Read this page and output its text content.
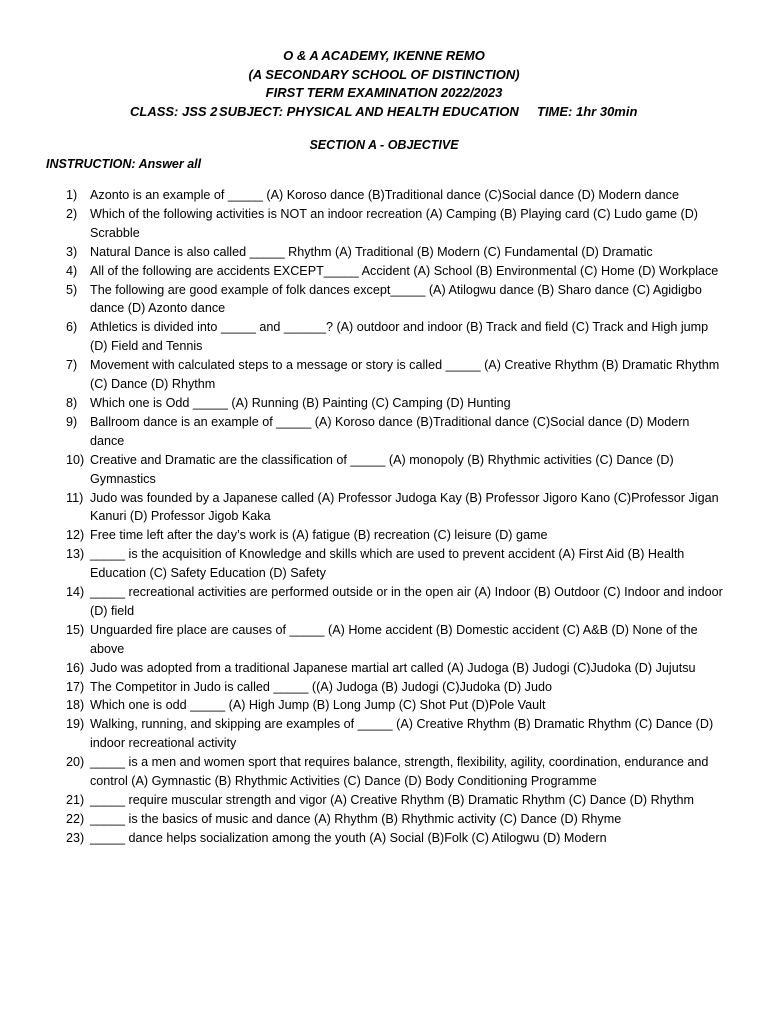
O & A ACADEMY, IKENNE REMO
(A SECONDARY SCHOOL OF DISTINCTION)
FIRST TERM EXAMINATION 2022/2023
CLASS: JSS 2 SUBJECT: PHYSICAL AND HEALTH EDUCATION TIME: 1hr 30min
SECTION A - OBJECTIVE
INSTRUCTION: Answer all
1)	Azonto is an example of _____ (A) Koroso dance (B)Traditional dance (C)Social dance (D) Modern dance
2)	Which of the following activities is NOT an indoor recreation (A) Camping (B) Playing card (C) Ludo game (D) Scrabble
3)	Natural Dance is also called _____ Rhythm (A) Traditional (B) Modern (C) Fundamental (D) Dramatic
4)	All of the following are accidents EXCEPT_____ Accident (A) School (B) Environmental (C) Home (D) Workplace
5)	The following are good example of folk dances except_____ (A) Atilogwu dance (B) Sharo dance (C) Agidigbo dance (D) Azonto dance
6)	Athletics is divided into _____ and ______? (A) outdoor and indoor (B) Track and field (C) Track and High jump (D) Field and Tennis
7)	Movement with calculated steps to a message or story is called _____ (A) Creative Rhythm (B) Dramatic Rhythm (C) Dance (D) Rhythm
8)	Which one is Odd _____ (A) Running (B) Painting (C) Camping (D) Hunting
9)	Ballroom dance is an example of _____ (A) Koroso dance (B)Traditional dance (C)Social dance (D) Modern dance
10) Creative and Dramatic are the classification of _____ (A) monopoly (B) Rhythmic activities (C) Dance (D) Gymnastics
11) Judo was founded by a Japanese called (A) Professor Judoga Kay (B) Professor Jigoro Kano (C)Professor Jigan Kanuri (D) Professor Jigob Kaka
12) Free time left after the day’s work is (A) fatigue (B) recreation (C) leisure (D) game
13) _____ is the acquisition of Knowledge and skills which are used to prevent accident (A) First Aid (B) Health Education (C) Safety Education (D) Safety
14) _____ recreational activities are performed outside or in the open air (A) Indoor (B) Outdoor (C) Indoor and indoor (D) field
15) Unguarded fire place are causes of _____ (A) Home accident (B) Domestic accident (C) A&B (D) None of the above
16) Judo was adopted from a traditional Japanese martial art called (A) Judoga (B) Judogi (C)Judoka (D) Jujutsu
17) The Competitor in Judo is called _____ ((A) Judoga (B) Judogi (C)Judoka (D) Judo
18) Which one is odd _____ (A) High Jump (B) Long Jump (C) Shot Put (D)Pole Vault
19) Walking, running, and skipping are examples of _____ (A) Creative Rhythm (B) Dramatic Rhythm (C) Dance (D) indoor recreational activity
20) _____ is a men and women sport that requires balance, strength, flexibility, agility, coordination, endurance and control (A) Gymnastic (B) Rhythmic Activities (C) Dance (D) Body Conditioning Programme
21) _____ require muscular strength and vigor (A) Creative Rhythm (B) Dramatic Rhythm (C) Dance (D) Rhythm
22) _____ is the basics of music and dance (A) Rhythm (B) Rhythmic activity (C) Dance (D) Rhyme
23) _____ dance helps socialization among the youth (A) Social (B)Folk (C) Atilogwu (D) Modern
